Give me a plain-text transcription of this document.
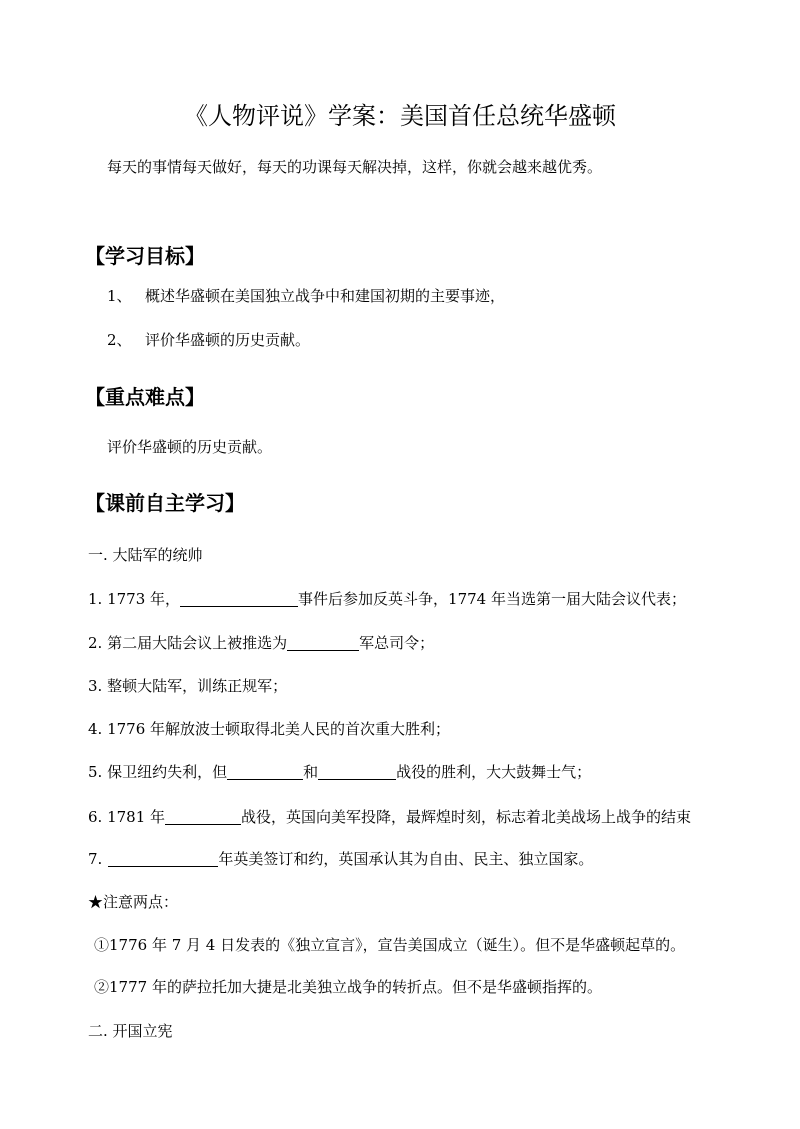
《人物评说》学案：美国首任总统华盛顿
每天的事情每天做好，每天的功课每天解决掉，这样，你就会越来越优秀。
【学习目标】
1、 概述华盛顿在美国独立战争中和建国初期的主要事迹，
2、 评价华盛顿的历史贡献。
【重点难点】
评价华盛顿的历史贡献。
【课前自主学习】
一. 大陆军的统帅
1. 1773 年，	事件后参加反英斗争，1774 年当选第一届大陆会议代表；
2. 第二届大陆会议上被推选为	军总司令；
3. 整顿大陆军，训练正规军；
4. 1776 年解放波士顿取得北美人民的首次重大胜利；
5. 保卫纽约失利，但	和	战役的胜利，大大鼓舞士气；
6. 1781 年	战役，英国向美军投降，最辉煌时刻，标志着北美战场上战争的结束
7.	年英美签订和约，英国承认其为自由、民主、独立国家。
★注意两点：
①1776 年 7 月 4 日发表的《独立宣言》，宣告美国成立（诞生）。但不是华盛顿起草的。
②1777 年的萨拉托加大捷是北美独立战争的转折点。但不是华盛顿指挥的。
二. 开国立宪
